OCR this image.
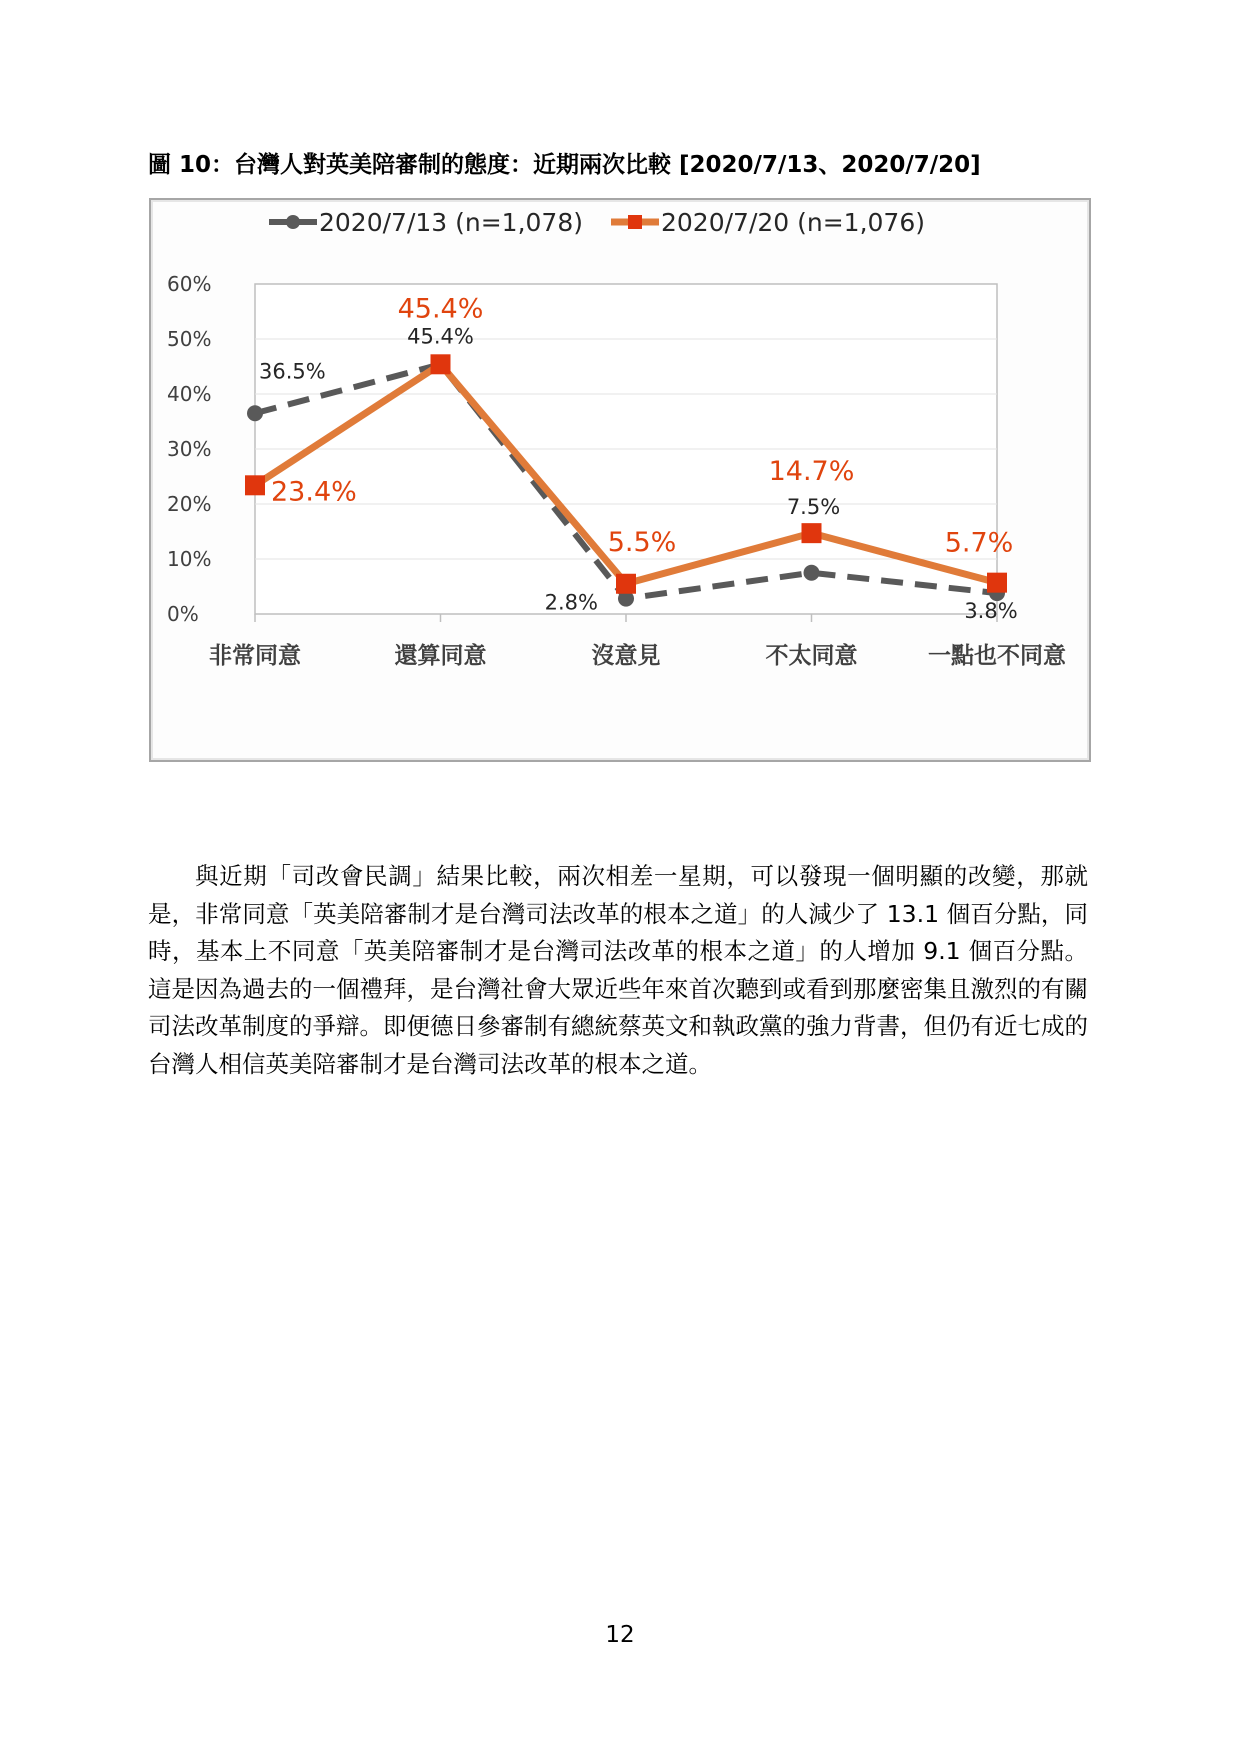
圖 10：台灣人對英美陪審制的態度：近期兩次比較 [2020/7/13、2020/7/20]
60%
50%
40%
30%
20%
10%
0%
非常同意	還算同意	沒意見	不太同意	一點也不同意
2020/7/13 (n=1,078)	2020/7/20 (n=1,076)
36.5%
45.4%
2.8%
7.5%
3.8%
23.4%
45.4%
5.5%
14.7%
5.7%
與近期「司改會民調」結果比較，兩次相差一星期，可以發現一個明顯的改變，那就是，非常同意「英美陪審制才是台灣司法改革的根本之道」的人減少了 13.1 個百分點，同時，基本上不同意「英美陪審制才是台灣司法改革的根本之道」的人增加 9.1 個百分點。這是因為過去的一個禮拜，是台灣社會大眾近些年來首次聽到或看到那麼密集且激烈的有關司法改革制度的爭辯。即便德日參審制有總統蔡英文和執政黨的強力背書，但仍有近七成的台灣人相信英美陪審制才是台灣司法改革的根本之道。
12
